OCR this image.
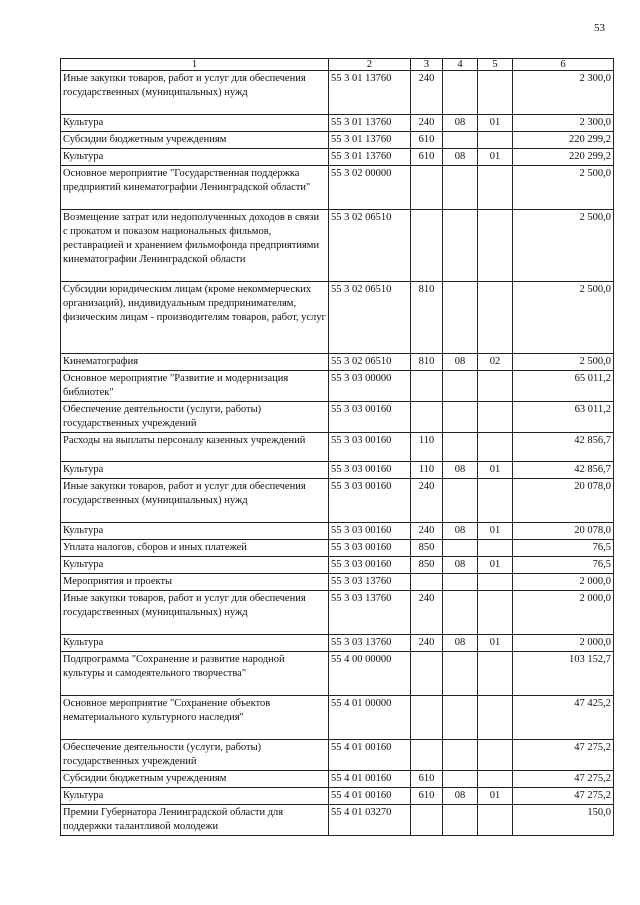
53
1	2	3	4	5	6
Иные закупки товаров, работ и услуг для обеспечения государственных (муниципальных) нужд	55 3 01 13760	240			2 300,0
Культура	55 3 01 13760	240	08	01	2 300,0
Субсидии бюджетным учреждениям	55 3 01 13760	610			220 299,2
Культура	55 3 01 13760	610	08	01	220 299,2
Основное мероприятие "Государственная поддержка предприятий кинематографии Ленинградской области"	55 3 02 00000				2 500,0
Возмещение затрат или недополученных доходов в связи с прокатом и показом национальных фильмов, реставрацией и хранением фильмофонда предприятиями кинематографии Ленинградской области	55 3 02 06510				2 500,0
Субсидии юридическим лицам (кроме некоммерческих организаций), индивидуальным предпринимателям, физическим лицам - производителям товаров, работ, услуг	55 3 02 06510	810			2 500,0
Кинематография	55 3 02 06510	810	08	02	2 500,0
Основное мероприятие "Развитие и модернизация библиотек"	55 3 03 00000				65 011,2
Обеспечение деятельности (услуги, работы) государственных учреждений	55 3 03 00160				63 011,2
Расходы на выплаты персоналу казенных учреждений	55 3 03 00160	110			42 856,7
Культура	55 3 03 00160	110	08	01	42 856,7
Иные закупки товаров, работ и услуг для обеспечения государственных (муниципальных) нужд	55 3 03 00160	240			20 078,0
Культура	55 3 03 00160	240	08	01	20 078,0
Уплата налогов, сборов и иных платежей	55 3 03 00160	850			76,5
Культура	55 3 03 00160	850	08	01	76,5
Мероприятия и проекты	55 3 03 13760				2 000,0
Иные закупки товаров, работ и услуг для обеспечения государственных (муниципальных) нужд	55 3 03 13760	240			2 000,0
Культура	55 3 03 13760	240	08	01	2 000,0
Подпрограмма "Сохранение и развитие народной культуры и самодеятельного творчества"	55 4 00 00000				103 152,7
Основное мероприятие "Сохранение объектов нематериального культурного наследия"	55 4 01 00000				47 425,2
Обеспечение деятельности (услуги, работы) государственных учреждений	55 4 01 00160				47 275,2
Субсидии бюджетным учреждениям	55 4 01 00160	610			47 275,2
Культура	55 4 01 00160	610	08	01	47 275,2
Премии Губернатора Ленинградской области для поддержки талантливой молодежи	55 4 01 03270				150,0
